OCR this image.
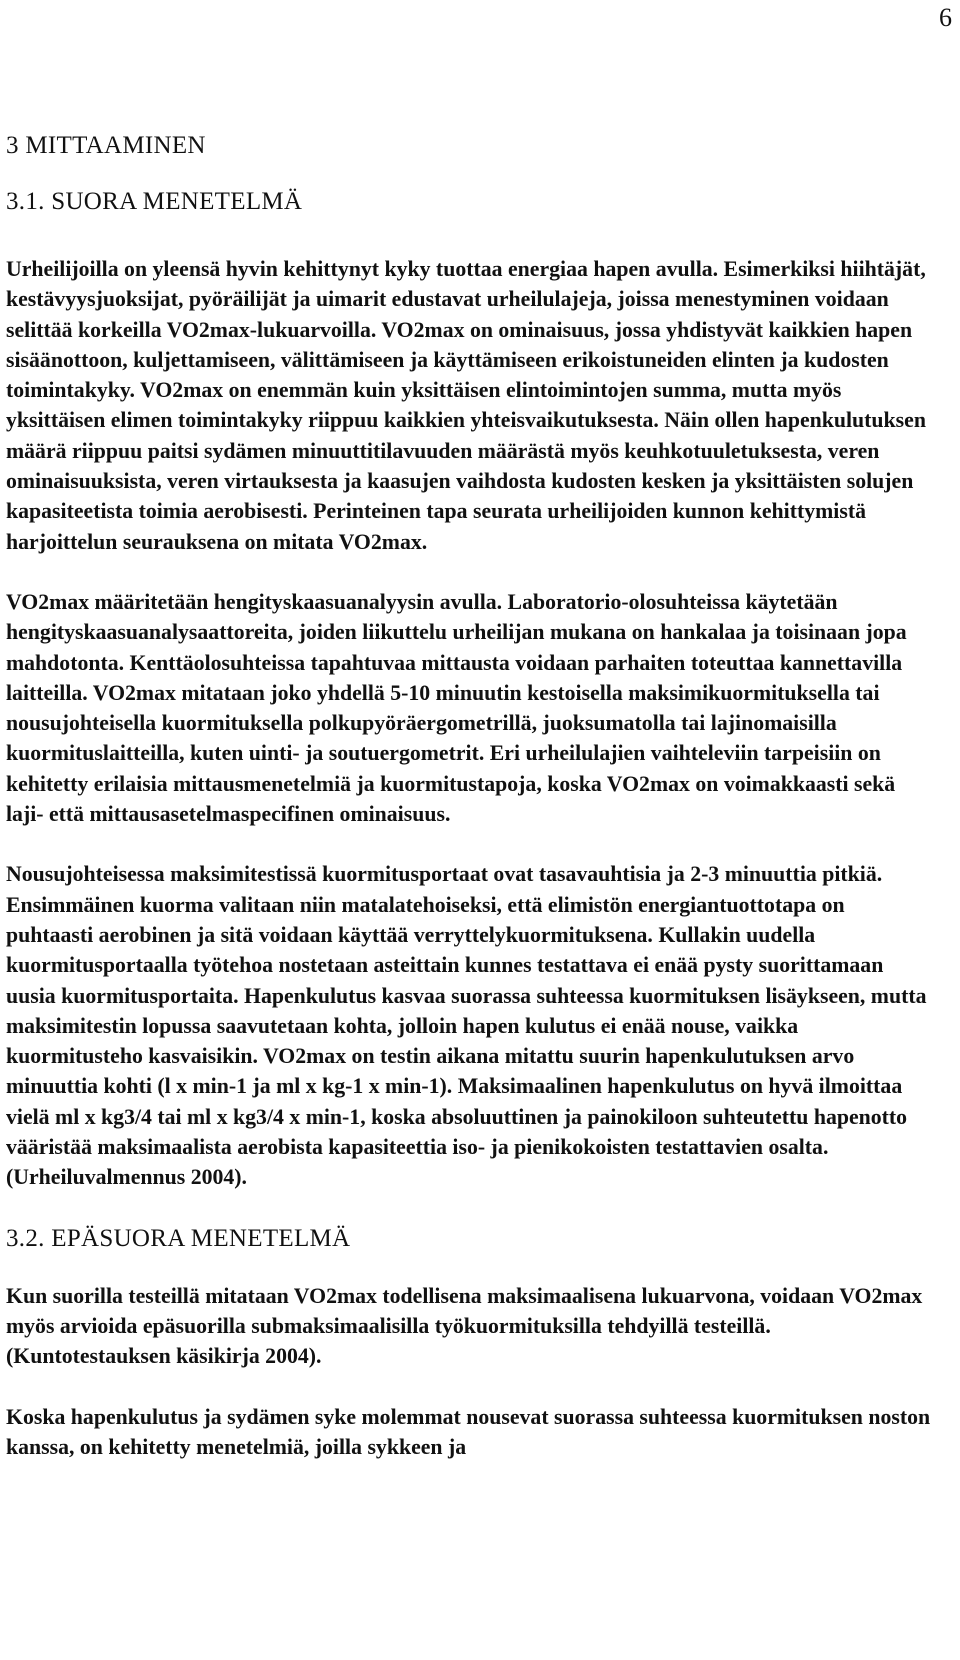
6
3 MITTAAMINEN
3.1. SUORA MENETELMÄ

Urheilijoilla on yleensä hyvin kehittynyt kyky tuottaa energiaa hapen avulla. Esimerkiksi hiihtäjät, kestävyysjuoksijat, pyöräilijät ja uimarit edustavat urheilulajeja, joissa menestyminen voidaan selittää korkeilla VO2max-lukuarvoilla. VO2max on ominaisuus, jossa yhdistyvät kaikkien hapen sisäänottoon, kuljettamiseen, välittämiseen ja käyttämiseen erikoistuneiden elinten ja kudosten toimintakyky. VO2max on enemmän kuin yksittäisen elintoimintojen summa, mutta myös yksittäisen elimen toimintakyky riippuu kaikkien yhteisvaikutuksesta. Näin ollen hapenkulutuksen määrä riippuu paitsi sydämen minuuttitilavuuden määrästä myös keuhkotuuletuksesta, veren ominaisuuksista, veren virtauksesta ja kaasujen vaihdosta kudosten kesken ja yksittäisten solujen kapasiteetista toimia aerobisesti. Perinteinen tapa seurata urheilijoiden kunnon kehittymistä harjoittelun seurauksena on mitata VO2max.

VO2max määritetään hengityskaasuanalyysin avulla. Laboratorio-olosuhteissa käytetään hengityskaasuanalysaattoreita, joiden liikuttelu urheilijan mukana on hankalaa ja toisinaan jopa mahdotonta. Kenttäolosuhteissa tapahtuvaa mittausta voidaan parhaiten toteuttaa kannettavilla laitteilla. VO2max mitataan joko yhdellä 5-10 minuutin kestoisella maksimikuormituksella tai nousujohteisella kuormituksella polkupyöräergometrillä, juoksumatolla tai lajinomaisilla kuormituslaitteilla, kuten uinti- ja soutuergometrit. Eri urheilulajien vaihteleviin tarpeisiin on kehitetty erilaisia mittausmenetelmiä ja kuormitustapoja, koska VO2max on voimakkaasti sekä laji- että mittausasetelmaspecifinen ominaisuus.

Nousujohteisessa maksimitestissä kuormitusportaat ovat tasavauhtisia ja 2-3 minuuttia pitkiä. Ensimmäinen kuorma valitaan niin matalatehoiseksi, että elimistön energiantuottotapa on puhtaasti aerobinen ja sitä voidaan käyttää verryttelykuormituksena. Kullakin uudella kuormitusportaalla työtehoa nostetaan asteittain kunnes testattava ei enää pysty suorittamaan uusia kuormitusportaita. Hapenkulutus kasvaa suorassa suhteessa kuormituksen lisäykseen, mutta maksimitestin lopussa saavutetaan kohta, jolloin hapen kulutus ei enää nouse, vaikka kuormitusteho kasvaisikin. VO2max on testin aikana mitattu suurin hapenkulutuksen arvo minuuttia kohti (l x min-1 ja ml x kg-1 x min-1). Maksimaalinen hapenkulutus on hyvä ilmoittaa vielä ml x kg3/4 tai ml x kg3/4 x min-1, koska absoluuttinen ja painokiloon suhteutettu hapenotto vääristää maksimaalista aerobista kapasiteettia iso- ja pienikokoisten testattavien osalta. (Urheiluvalmennus 2004).

3.2. EPÄSUORA MENETELMÄ

Kun suorilla testeillä mitataan VO2max todellisena maksimaalisena lukuarvona, voidaan VO2max myös arvioida epäsuorilla submaksimaalisilla työkuormituksilla tehdyillä testeillä. (Kuntotestauksen käsikirja 2004).

Koska hapenkulutus ja sydämen syke molemmat nousevat suorassa suhteessa kuormituksen noston kanssa, on kehitetty menetelmiä, joilla sykkeen ja
